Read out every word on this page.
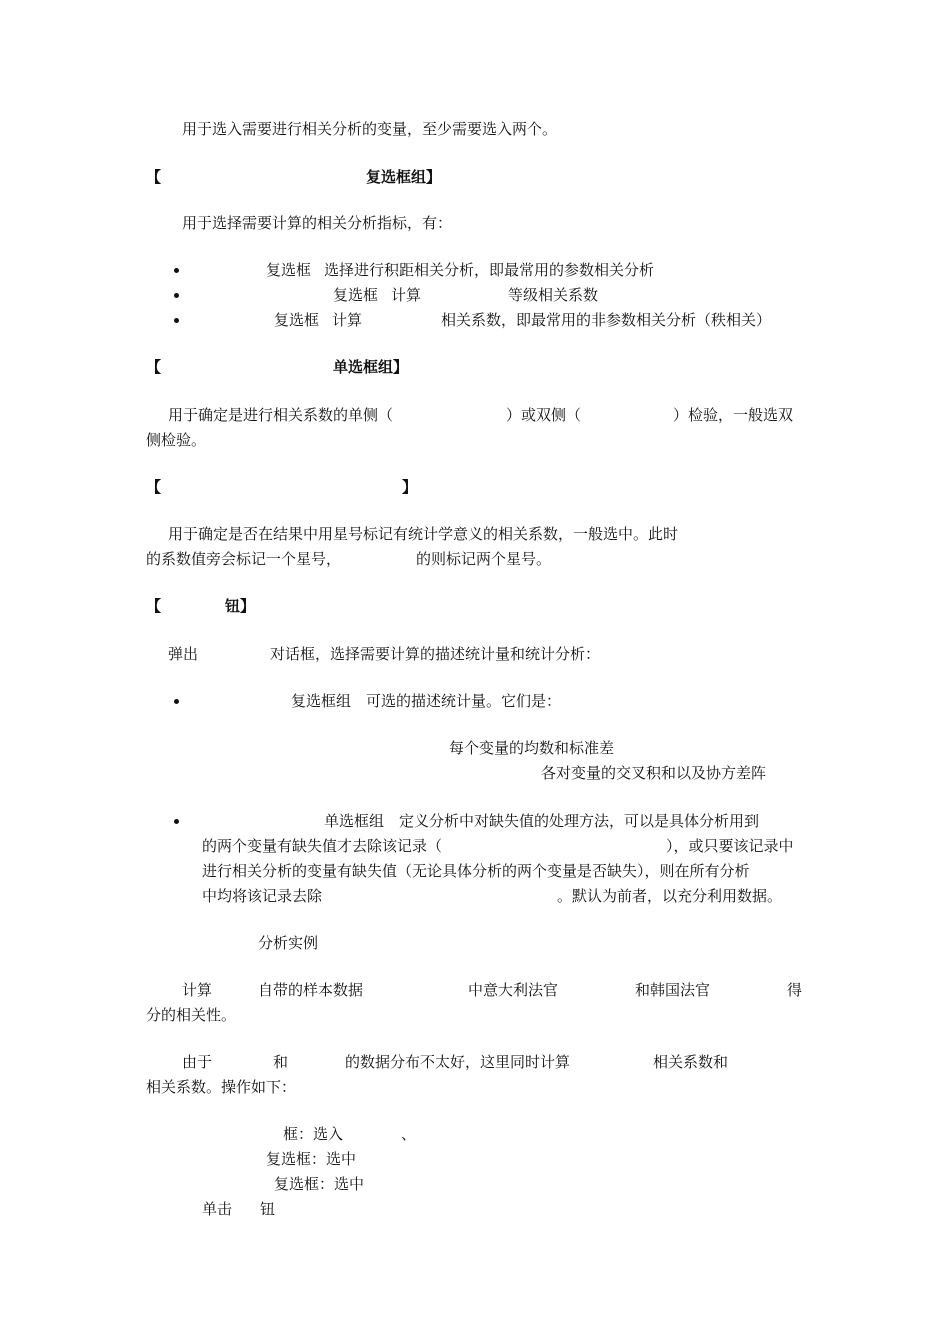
用于选入需要进行相关分析的变量，至少需要选入两个。
【	复选框组】
用于选择需要计算的相关分析指标，有：
复选框 选择进行积距相关分析，即最常用的参数相关分析
复选框 计算	等级相关系数
复选框 计算	相关系数，即最常用的非参数相关分析（秩相关）
【	单选框组】
用于确定是进行相关系数的单侧（	）或双侧（	）检验，一般选双
侧检验。
【	】
用于确定是否在结果中用星号标记有统计学意义的相关系数，一般选中。此时
的系数值旁会标记一个星号，	的则标记两个星号。
【	钮】
弹出	对话框，选择需要计算的描述统计量和统计分析：
复选框组 可选的描述统计量。它们是：
每个变量的均数和标准差
各对变量的交叉积和以及协方差阵
单选框组 定义分析中对缺失值的处理方法，可以是具体分析用到
的两个变量有缺失值才去除该记录（	），或只要该记录中
进行相关分析的变量有缺失值（无论具体分析的两个变量是否缺失），则在所有分析
中均将该记录去除	。默认为前者，以充分利用数据。
分析实例
计算	自带的样本数据	中意大利法官	和韩国法官	得
分的相关性。
由于	和	的数据分布不太好，这里同时计算	相关系数和
相关系数。操作如下：
框：选入	、
复选框：选中
复选框：选中
单击 钮
